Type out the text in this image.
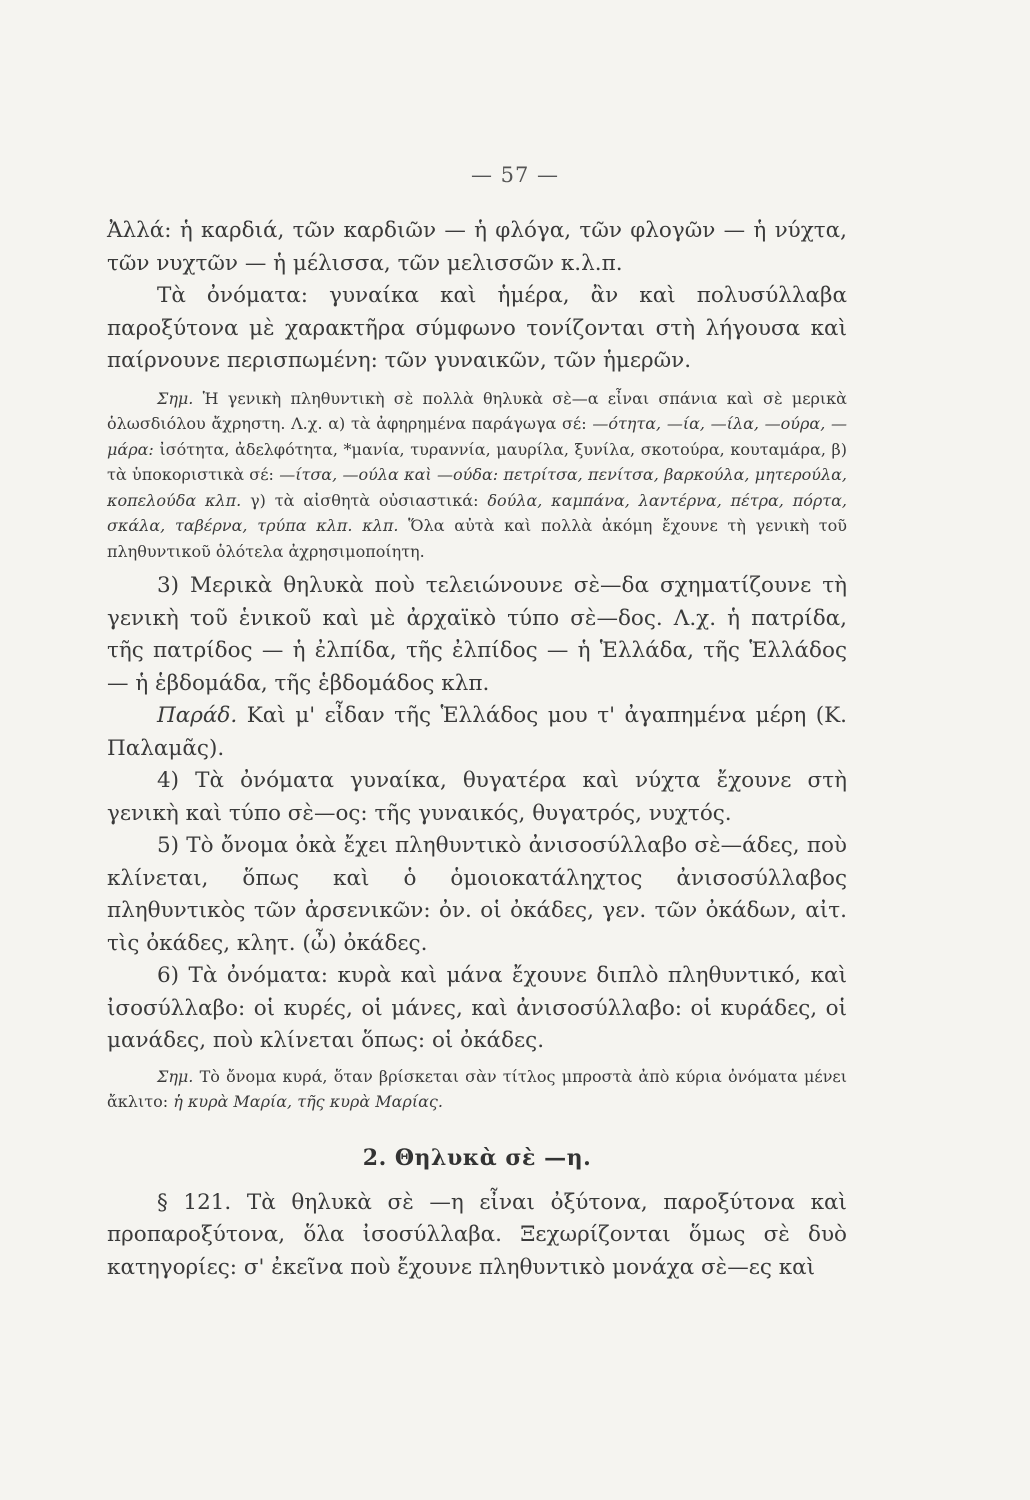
— 57 —

Ἀλλά: ἡ καρδιά, τῶν καρδιῶν — ἡ φλόγα, τῶν φλογῶν — ἡ νύχτα, τῶν νυχτῶν — ἡ μέλισσα, τῶν μελισσῶν κ.λ.π.

Τὰ ὀνόματα: γυναίκα καὶ ἡμέρα, ἂν καὶ πολυσύλλαβα παροξύτονα μὲ χαρακτῆρα σύμφωνο τονίζονται στὴ λήγουσα καὶ παίρνουνε περισπωμένη: τῶν γυναικῶν, τῶν ἡμερῶν.

Σημ. Ἡ γενικὴ πληθυντικὴ σὲ πολλὰ θηλυκὰ σὲ—α εἶναι σπάνια καὶ σὲ μερικὰ ὁλωσδιόλου ἄχρηστη. Λ.χ. α) τὰ ἀφηρημένα παράγωγα σέ: —ότητα, —ία, —ίλα, —ούρα, —μάρα: ἰσότητα, ἀδελφότητα, *μανία, τυραννία, μαυρίλα, ξυνίλα, σκοτούρα, κουταμάρα, β) τὰ ὑποκοριστικὰ σέ: —ίτσα, —ούλα καὶ —ούδα: πετρίτσα, πενίτσα, βαρκούλα, μητερούλα, κοπελούδα κλπ. γ) τὰ αἰσθητὰ οὐσιαστικά: δούλα, καμπάνα, λαντέρνα, πέτρα, πόρτα, σκάλα, ταβέρνα, τρύπα κλπ. κλπ. Ὅλα αὐτὰ καὶ πολλὰ ἀκόμη ἔχουνε τὴ γενικὴ τοῦ πληθυντικοῦ ὁλότελα ἀχρησιμοποίητη.

3) Μερικὰ θηλυκὰ ποὺ τελειώνουνε σὲ—δα σχηματίζουνε τὴ γενικὴ τοῦ ἑνικοῦ καὶ μὲ ἀρχαϊκὸ τύπο σὲ—δος. Λ.χ. ἡ πατρίδα, τῆς πατρίδος — ἡ ἐλπίδα, τῆς ἐλπίδος — ἡ Ἑλλάδα, τῆς Ἑλλάδος — ἡ ἑβδομάδα, τῆς ἑβδομάδος κλπ.

Παράδ. Καὶ μ' εἶδαν τῆς Ἑλλάδος μου τ' ἀγαπημένα μέρη (Κ. Παλαμᾶς).

4) Τὰ ὀνόματα γυναίκα, θυγατέρα καὶ νύχτα ἔχουνε στὴ γενικὴ καὶ τύπο σὲ—ος: τῆς γυναικός, θυγατρός, νυχτός.

5) Τὸ ὄνομα ὀκὰ ἔχει πληθυντικὸ ἀνισοσύλλαβο σὲ—άδες, ποὺ κλίνεται, ὅπως καὶ ὁ ὁμοιοκατάληχτος ἀνισοσύλλαβος πληθυντικὸς τῶν ἀρσενικῶν: ὀν. οἱ ὀκάδες, γεν. τῶν ὀκάδων, αἰτ. τὶς ὀκάδες, κλητ. (ὦ) ὀκάδες.

6) Τὰ ὀνόματα: κυρὰ καὶ μάνα ἔχουνε διπλὸ πληθυντικό, καὶ ἰσοσύλλαβο: οἱ κυρές, οἱ μάνες, καὶ ἀνισοσύλλαβο: οἱ κυράδες, οἱ μανάδες, ποὺ κλίνεται ὅπως: οἱ ὀκάδες.

Σημ. Τὸ ὄνομα κυρά, ὅταν βρίσκεται σὰν τίτλος μπροστὰ ἀπὸ κύρια ὀνόματα μένει ἄκλιτο: ἡ κυρὰ Μαρία, τῆς κυρὰ Μαρίας.

2. Θηλυκὰ σὲ —η.

§ 121. Τὰ θηλυκὰ σὲ —η εἶναι ὀξύτονα, παροξύτονα καὶ προπαροξύτονα, ὅλα ἰσοσύλλαβα. Ξεχωρίζονται ὅμως σὲ δυὸ κατηγορίες: σ' ἐκεῖνα ποὺ ἔχουνε πληθυντικὸ μονάχα σὲ—ες καὶ
